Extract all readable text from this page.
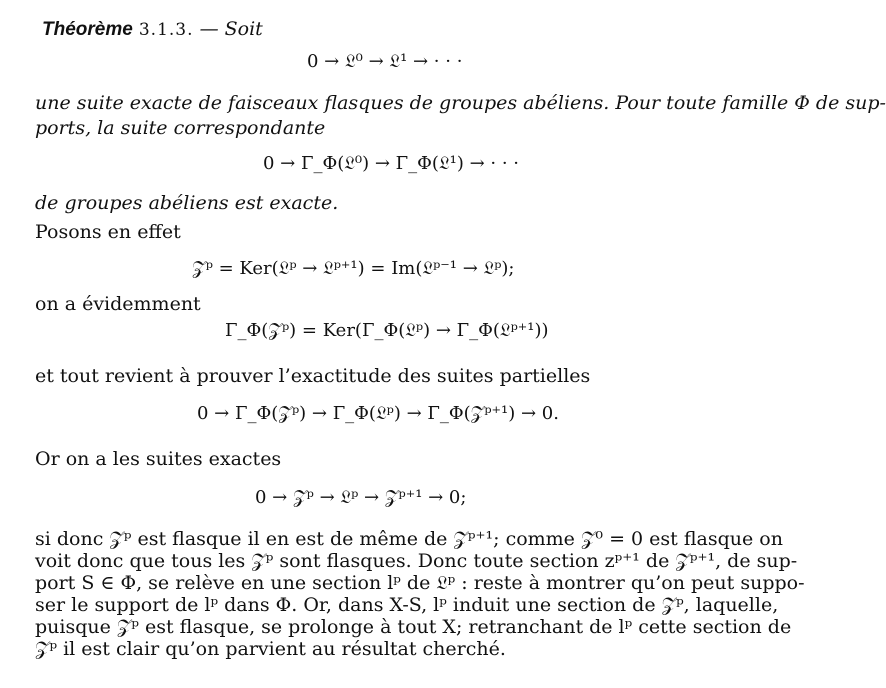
Théorème 3.1.3. — Soit
0 → 𝔏⁰ → 𝔏¹ → · · ·
une suite exacte de faisceaux flasques de groupes abéliens. Pour toute famille Φ de sup-
ports, la suite correspondante
0 → Γ_Φ(𝔏⁰) → Γ_Φ(𝔏¹) → · · ·
de groupes abéliens est exacte.
Posons en effet
𝒵ᵖ = Ker(𝔏ᵖ → 𝔏ᵖ⁺¹) = Im(𝔏ᵖ⁻¹ → 𝔏ᵖ);
on a évidemment
Γ_Φ(𝒵ᵖ) = Ker(Γ_Φ(𝔏ᵖ) → Γ_Φ(𝔏ᵖ⁺¹))
et tout revient à prouver l’exactitude des suites partielles
0 → Γ_Φ(𝒵ᵖ) → Γ_Φ(𝔏ᵖ) → Γ_Φ(𝒵ᵖ⁺¹) → 0.
Or on a les suites exactes
0 → 𝒵ᵖ → 𝔏ᵖ → 𝒵ᵖ⁺¹ → 0;
si donc 𝒵ᵖ est flasque il en est de même de 𝒵ᵖ⁺¹; comme 𝒵⁰ = 0 est flasque on
voit donc que tous les 𝒵ᵖ sont flasques. Donc toute section zᵖ⁺¹ de 𝒵ᵖ⁺¹, de sup-
port S ∈ Φ, se relève en une section lᵖ de 𝔏ᵖ : reste à montrer qu’on peut suppo-
ser le support de lᵖ dans Φ. Or, dans X-S, lᵖ induit une section de 𝒵ᵖ, laquelle,
puisque 𝒵ᵖ est flasque, se prolonge à tout X; retranchant de lᵖ cette section de
𝒵ᵖ il est clair qu’on parvient au résultat cherché.
